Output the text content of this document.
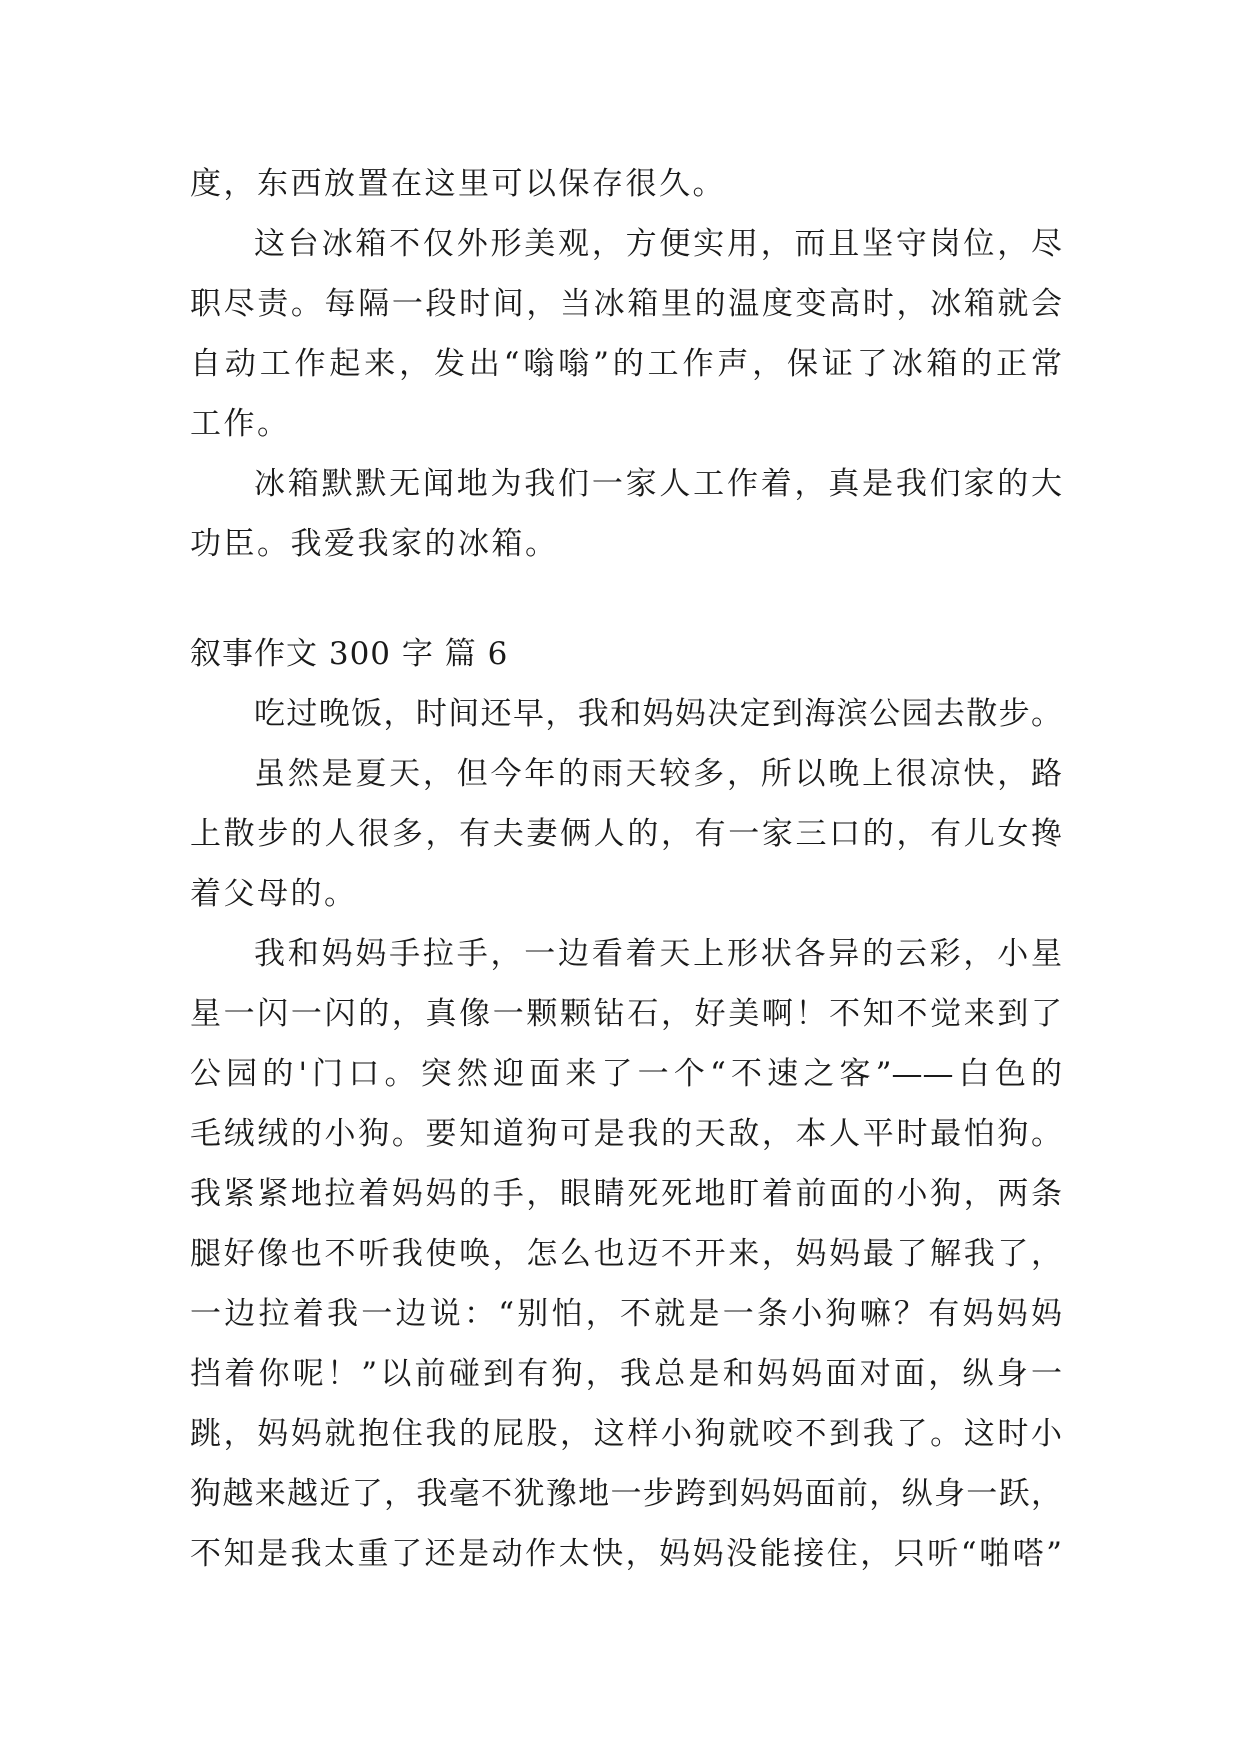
度，东西放置在这里可以保存很久。
这台冰箱不仅外形美观，方便实用，而且坚守岗位，尽
职尽责。每隔一段时间，当冰箱里的温度变高时，冰箱就会
自动工作起来，发出“嗡嗡”的工作声，保证了冰箱的正常
工作。
冰箱默默无闻地为我们一家人工作着，真是我们家的大
功臣。我爱我家的冰箱。
叙事作文 300 字 篇 6
吃过晚饭，时间还早，我和妈妈决定到海滨公园去散步。
虽然是夏天，但今年的雨天较多，所以晚上很凉快，路
上散步的人很多，有夫妻俩人的，有一家三口的，有儿女搀
着父母的。
我和妈妈手拉手，一边看着天上形状各异的云彩，小星
星一闪一闪的，真像一颗颗钻石，好美啊！不知不觉来到了
公园的'门口。突然迎面来了一个“不速之客”——白色的
毛绒绒的小狗。要知道狗可是我的天敌，本人平时最怕狗。
我紧紧地拉着妈妈的手，眼睛死死地盯着前面的小狗，两条
腿好像也不听我使唤，怎么也迈不开来，妈妈最了解我了，
一边拉着我一边说：“别怕，不就是一条小狗嘛？有妈妈妈
挡着你呢！”以前碰到有狗，我总是和妈妈面对面，纵身一
跳，妈妈就抱住我的屁股，这样小狗就咬不到我了。这时小
狗越来越近了，我毫不犹豫地一步跨到妈妈面前，纵身一跃，
不知是我太重了还是动作太快，妈妈没能接住，只听“啪嗒”
